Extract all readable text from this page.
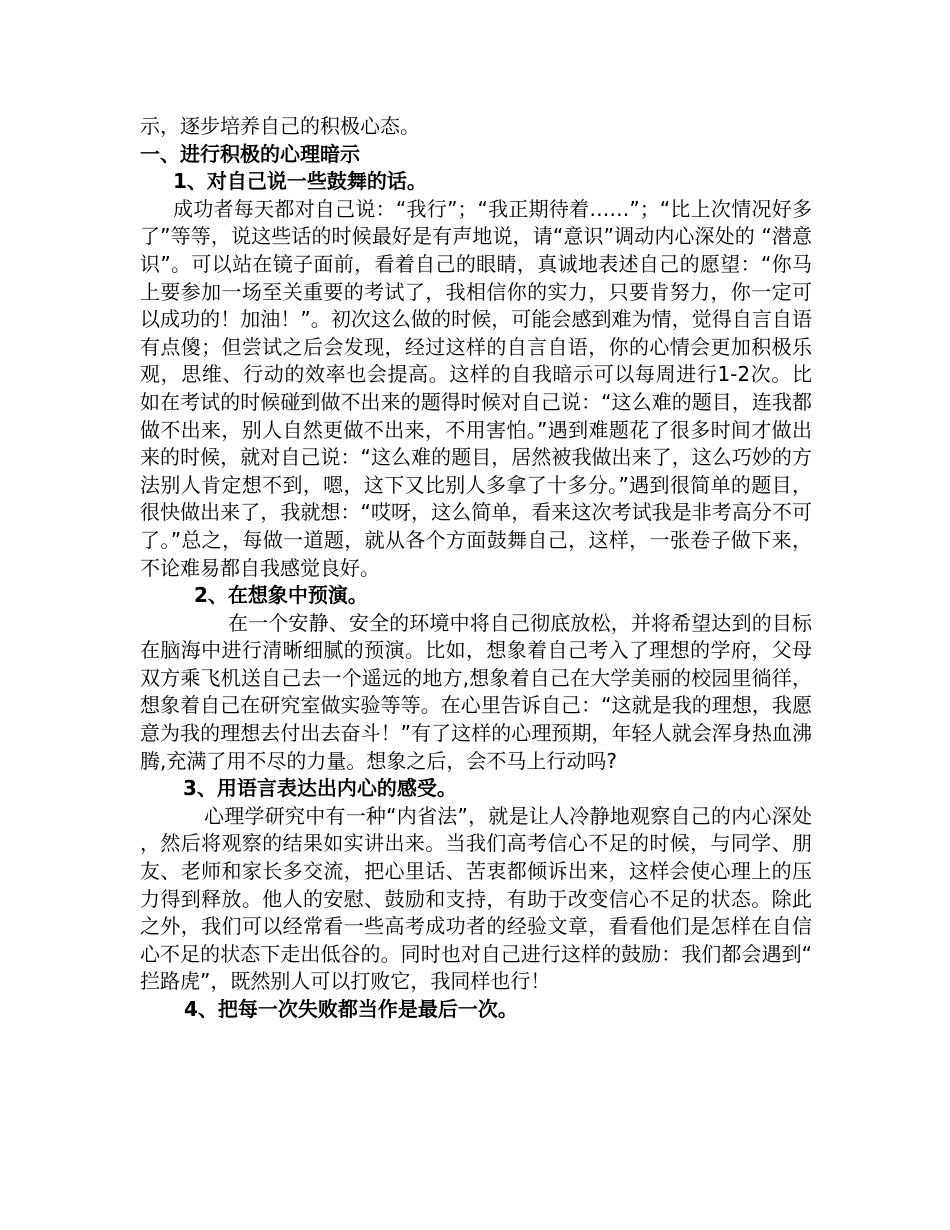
示，逐步培养自己的积极心态。

一、进行积极的心理暗示

1、对自己说一些鼓舞的话。

成功者每天都对自己说：“我行”；“我正期待着……”；“比上次情况好多了”等等，说这些话的时候最好是有声地说，请“意识”调动内心深处的 “潜意识”。可以站在镜子面前，看着自己的眼睛，真诚地表述自己的愿望：“你马上要参加一场至关重要的考试了，我相信你的实力，只要肯努力，你一定可以成功的！加油！”。初次这么做的时候，可能会感到难为情，觉得自言自语有点傻；但尝试之后会发现，经过这样的自言自语，你的心情会更加积极乐观，思维、行动的效率也会提高。这样的自我暗示可以每周进行1-2次。比如在考试的时候碰到做不出来的题得时候对自己说：“这么难的题目，连我都做不出来，别人自然更做不出来，不用害怕。”遇到难题花了很多时间才做出来的时候，就对自己说：“这么难的题目，居然被我做出来了，这么巧妙的方法别人肯定想不到，嗯，这下又比别人多拿了十多分。”遇到很简单的题目，很快做出来了，我就想：“哎呀，这么简单，看来这次考试我是非考高分不可了。”总之，每做一道题，就从各个方面鼓舞自己，这样，一张卷子做下来，不论难易都自我感觉良好。

2、在想象中预演。

在一个安静、安全的环境中将自己彻底放松，并将希望达到的目标在脑海中进行清晰细腻的预演。比如，想象着自己考入了理想的学府，父母双方乘飞机送自己去一个遥远的地方,想象着自己在大学美丽的校园里徜徉，想象着自己在研究室做实验等等。在心里告诉自己：“这就是我的理想，我愿意为我的理想去付出去奋斗！”有了这样的心理预期，年轻人就会浑身热血沸腾,充满了用不尽的力量。想象之后，会不马上行动吗?

3、用语言表达出内心的感受。

心理学研究中有一种“内省法”，就是让人冷静地观察自己的内心深处，然后将观察的结果如实讲出来。当我们高考信心不足的时候，与同学、朋友、老师和家长多交流，把心里话、苦衷都倾诉出来，这样会使心理上的压力得到释放。他人的安慰、鼓励和支持，有助于改变信心不足的状态。除此之外，我们可以经常看一些高考成功者的经验文章，看看他们是怎样在自信心不足的状态下走出低谷的。同时也对自己进行这样的鼓励：我们都会遇到“拦路虎”，既然别人可以打败它，我同样也行！

4、把每一次失败都当作是最后一次。
